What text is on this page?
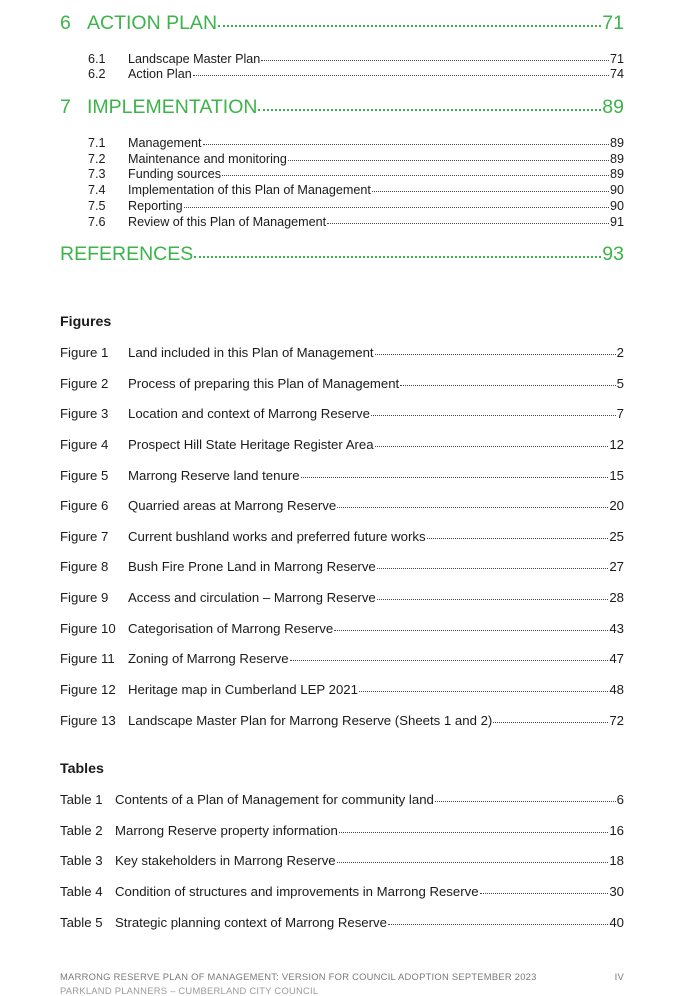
6 ACTION PLAN	71
6.1	Landscape Master Plan	71
6.2	Action Plan	74
7 IMPLEMENTATION	89
7.1	Management	89
7.2	Maintenance and monitoring	89
7.3	Funding sources	89
7.4	Implementation of this Plan of Management	90
7.5	Reporting	90
7.6	Review of this Plan of Management	91
REFERENCES	93
Figures
Figure 1	Land included in this Plan of Management	2
Figure 2	Process of preparing this Plan of Management	5
Figure 3	Location and context of Marrong Reserve	7
Figure 4	Prospect Hill State Heritage Register Area	12
Figure 5	Marrong Reserve land tenure	15
Figure 6	Quarried areas at Marrong Reserve	20
Figure 7	Current bushland works and preferred future works	25
Figure 8	Bush Fire Prone Land in Marrong Reserve	27
Figure 9	Access and circulation – Marrong Reserve	28
Figure 10 Categorisation of Marrong Reserve	43
Figure 11	Zoning of Marrong Reserve	47
Figure 12 Heritage map in Cumberland LEP 2021	48
Figure 13 Landscape Master Plan for Marrong Reserve (Sheets 1 and 2)	72
Tables
Table 1 Contents of a Plan of Management for community land	6
Table 2 Marrong Reserve property information	16
Table 3 Key stakeholders in Marrong Reserve	18
Table 4 Condition of structures and improvements in Marrong Reserve	30
Table 5 Strategic planning context of Marrong Reserve	40
MARRONG RESERVE PLAN OF MANAGEMENT: VERSION FOR COUNCIL ADOPTION SEPTEMBER 2023	IV
PARKLAND PLANNERS – CUMBERLAND CITY COUNCIL
